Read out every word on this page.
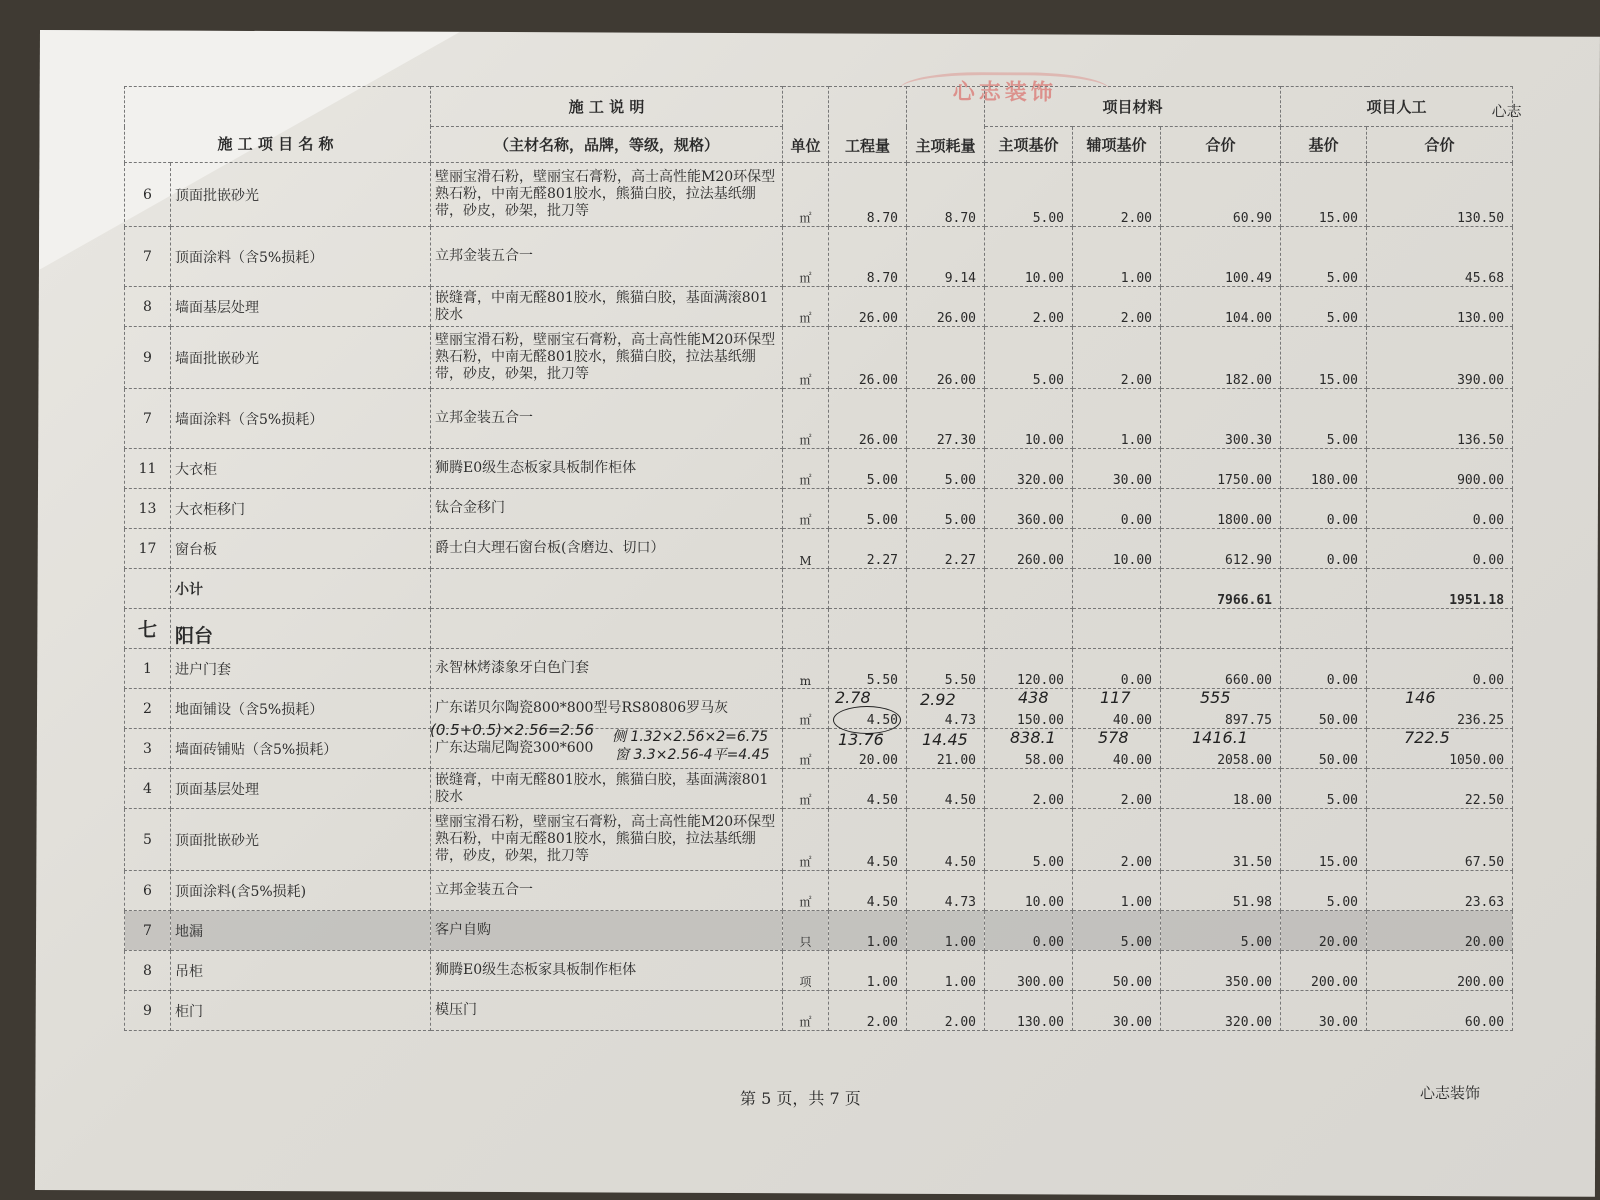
心志装饰
心志
施 工 项 目 名 称		施 工 说 明	单位	工程量	主项耗量	项目材料			项目人工	
		（主材名称，品牌，等级，规格）				主项基价	辅项基价	合价	基价	合价
6	顶面批嵌砂光	壁丽宝滑石粉，壁丽宝石膏粉，高士高性能M20环保型熟石粉，中南无醛801胶水，熊猫白胶，拉法基纸绷带，砂皮，砂架，批刀等	㎡	8.70	8.70	5.00	2.00	60.90	15.00	130.50
7	顶面涂料（含5%损耗）	立邦金装五合一	㎡	8.70	9.14	10.00	1.00	100.49	5.00	45.68
8	墙面基层处理	嵌缝膏，中南无醛801胶水，熊猫白胶，基面满滚801胶水	㎡	26.00	26.00	2.00	2.00	104.00	5.00	130.00
9	墙面批嵌砂光	壁丽宝滑石粉，壁丽宝石膏粉，高士高性能M20环保型熟石粉，中南无醛801胶水，熊猫白胶，拉法基纸绷带，砂皮，砂架，批刀等	㎡	26.00	26.00	5.00	2.00	182.00	15.00	390.00
7	墙面涂料（含5%损耗）	立邦金装五合一	㎡	26.00	27.30	10.00	1.00	300.30	5.00	136.50
11	大衣柜	狮腾E0级生态板家具板制作柜体	㎡	5.00	5.00	320.00	30.00	1750.00	180.00	900.00
13	大衣柜移门	钛合金移门	㎡	5.00	5.00	360.00	0.00	1800.00	0.00	0.00
17	窗台板	爵士白大理石窗台板(含磨边、切口）	M	2.27	2.27	260.00	10.00	612.90	0.00	0.00
	小计							7966.61		1951.18
七	阳台									
1	进户门套	永智林烤漆象牙白色门套	m	5.50	5.50	120.00	0.00	660.00	0.00	0.00
2	地面铺设（含5%损耗）	广东诺贝尔陶瓷800*800型号RS80806罗马灰	㎡	4.50	4.73	150.00	40.00	897.75	50.00	236.25
3	墙面砖铺贴（含5%损耗）	广东达瑞尼陶瓷300*600	㎡	20.00	21.00	58.00	40.00	2058.00	50.00	1050.00
4	顶面基层处理	嵌缝膏，中南无醛801胶水，熊猫白胶，基面满滚801胶水	㎡	4.50	4.50	2.00	2.00	18.00	5.00	22.50
5	顶面批嵌砂光	壁丽宝滑石粉，壁丽宝石膏粉，高士高性能M20环保型熟石粉，中南无醛801胶水，熊猫白胶，拉法基纸绷带，砂皮，砂架，批刀等	㎡	4.50	4.50	5.00	2.00	31.50	15.00	67.50
6	顶面涂料(含5%损耗)	立邦金装五合一	㎡	4.50	4.73	10.00	1.00	51.98	5.00	23.63
7	地漏	客户自购	只	1.00	1.00	0.00	5.00	5.00	20.00	20.00
8	吊柜	狮腾E0级生态板家具板制作柜体	项	1.00	1.00	300.00	50.00	350.00	200.00	200.00
9	柜门	模压门	㎡	2.00	2.00	130.00	30.00	320.00	30.00	60.00
2.78	2.92	438	117	555	146
(0.5+0.5)×2.56=2.56	13.76 14.45	838.1	578	1416.1	722.5
侧 1.32×2.56×2=6.75
窗 3.3×2.56-4平=4.45
第 5 页，共 7 页	心志装饰
